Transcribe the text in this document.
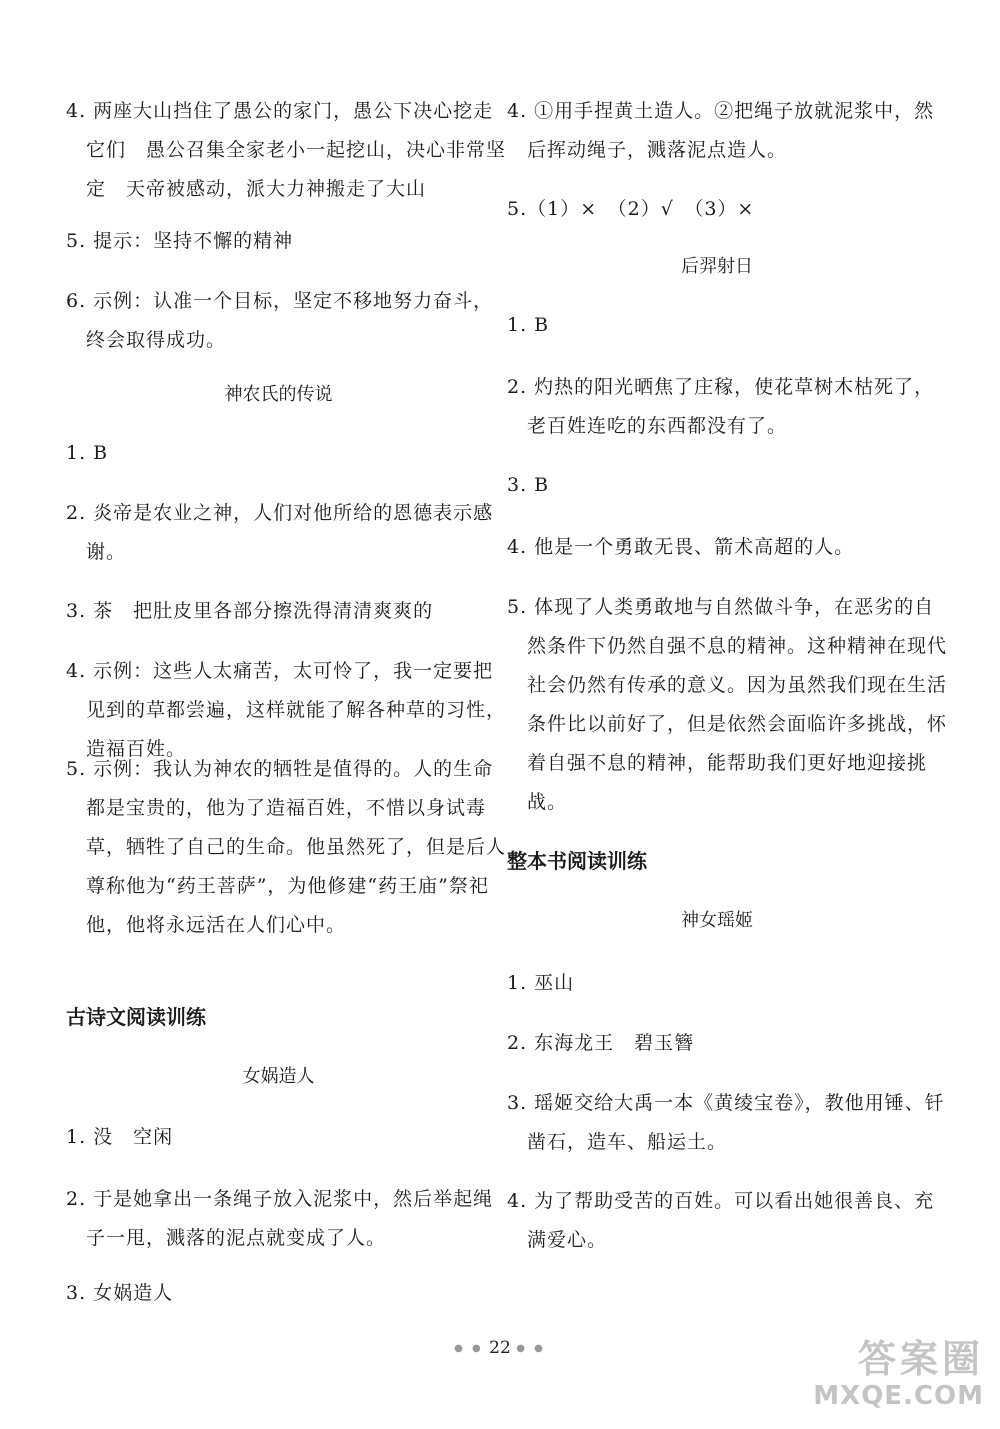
4. 两座大山挡住了愚公的家门，愚公下决心挖走它们　愚公召集全家老小一起挖山，决心非常坚定　天帝被感动，派大力神搬走了大山
5. 提示：坚持不懈的精神
6. 示例：认准一个目标，坚定不移地努力奋斗，终会取得成功。
神农氏的传说
1. B
2. 炎帝是农业之神，人们对他所给的恩德表示感谢。
3. 茶　把肚皮里各部分擦洗得清清爽爽的
4. 示例：这些人太痛苦，太可怜了，我一定要把见到的草都尝遍，这样就能了解各种草的习性，造福百姓。
5. 示例：我认为神农的牺牲是值得的。人的生命都是宝贵的，他为了造福百姓，不惜以身试毒草，牺牲了自己的生命。他虽然死了，但是后人尊称他为“药王菩萨”，为他修建“药王庙”祭祀他，他将永远活在人们心中。
古诗文阅读训练
女娲造人
1. 没　空闲
2. 于是她拿出一条绳子放入泥浆中，然后举起绳子一甩，溅落的泥点就变成了人。
3. 女娲造人
4. ①用手捏黄土造人。②把绳子放就泥浆中，然后挥动绳子，溅落泥点造人。
5.（1）×　（2）√　（3）×
后羿射日
1. B
2. 灼热的阳光晒焦了庄稼，使花草树木枯死了，老百姓连吃的东西都没有了。
3. B
4. 他是一个勇敢无畏、箭术高超的人。
5. 体现了人类勇敢地与自然做斗争，在恶劣的自然条件下仍然自强不息的精神。这种精神在现代社会仍然有传承的意义。因为虽然我们现在生活条件比以前好了，但是依然会面临许多挑战，怀着自强不息的精神，能帮助我们更好地迎接挑战。
整本书阅读训练
神女瑶姬
1. 巫山
2. 东海龙王　碧玉簪
3. 瑶姬交给大禹一本《黄绫宝卷》，教他用锤、钎凿石，造车、船运土。
4. 为了帮助受苦的百姓。可以看出她很善良、充满爱心。
● ● 22 ● ●	答案圈
MXQE.COM
